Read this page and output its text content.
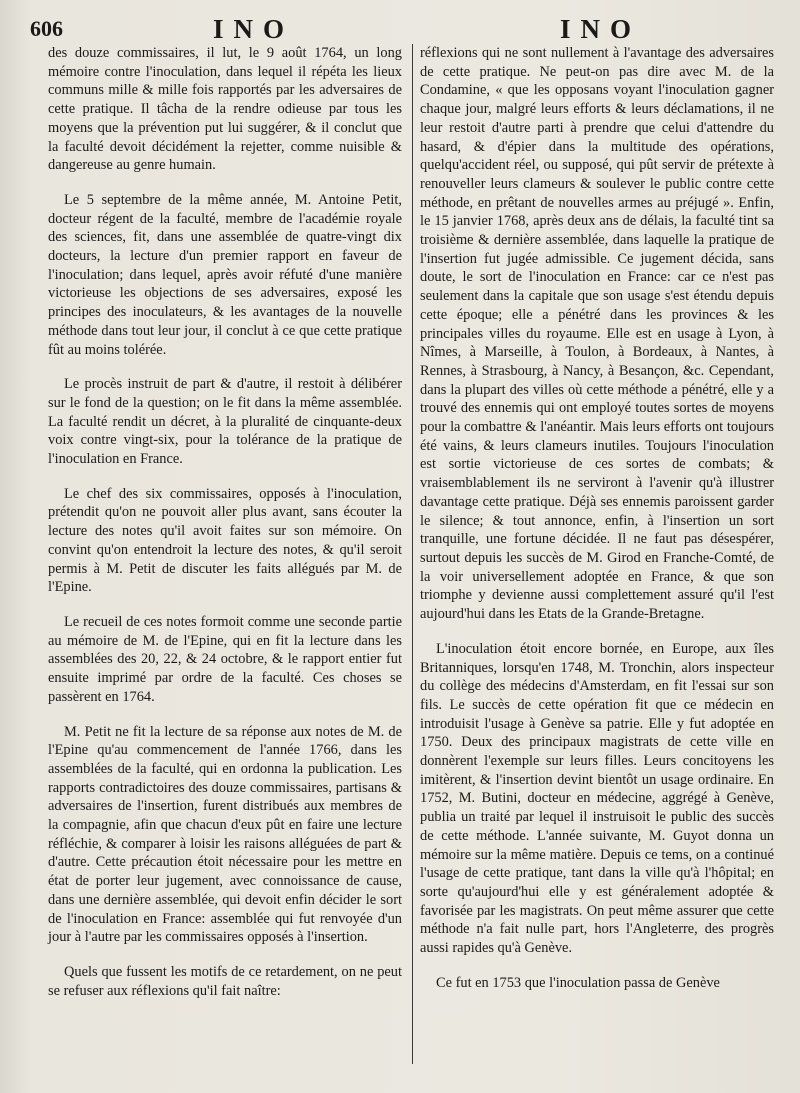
606	INO	INO

des douze commissaires, il lut, le 9 août 1764, un long mémoire contre l'inoculation, dans lequel il répéta les lieux communs mille & mille fois rapportés par les adversaires de cette pratique. Il tâcha de la rendre odieuse par tous les moyens que la prévention put lui suggérer, & il conclut que la faculté devoit décidément la rejetter, comme nuisible & dangereuse au genre humain.

Le 5 septembre de la même année, M. Antoine Petit, docteur régent de la faculté, membre de l'académie royale des sciences, fit, dans une assemblée de quatre-vingt dix docteurs, la lecture d'un premier rapport en faveur de l'inoculation; dans lequel, après avoir réfuté d'une manière victorieuse les objections de ses adversaires, exposé les principes des inoculateurs, & les avantages de la nouvelle méthode dans tout leur jour, il conclut à ce que cette pratique fût au moins tolérée.

Le procès instruit de part & d'autre, il restoit à délibérer sur le fond de la question; on le fit dans la même assemblée. La faculté rendit un décret, à la pluralité de cinquante-deux voix contre vingt-six, pour la tolérance de la pratique de l'inoculation en France.

Le chef des six commissaires, opposés à l'inoculation, prétendit qu'on ne pouvoit aller plus avant, sans écouter la lecture des notes qu'il avoit faites sur son mémoire. On convint qu'on entendroit la lecture des notes, & qu'il seroit permis à M. Petit de discuter les faits allégués par M. de l'Epine.

Le recueil de ces notes formoit comme une seconde partie au mémoire de M. de l'Epine, qui en fit la lecture dans les assemblées des 20, 22, & 24 octobre, & le rapport entier fut ensuite imprimé par ordre de la faculté. Ces choses se passèrent en 1764.

M. Petit ne fit la lecture de sa réponse aux notes de M. de l'Epine qu'au commencement de l'année 1766, dans les assemblées de la faculté, qui en ordonna la publication. Les rapports contradictoires des douze commissaires, partisans & adversaires de l'insertion, furent distribués aux membres de la compagnie, afin que chacun d'eux pût en faire une lecture réfléchie, & comparer à loisir les raisons alléguées de part & d'autre. Cette précaution étoit nécessaire pour les mettre en état de porter leur jugement, avec connoissance de cause, dans une dernière assemblée, qui devoit enfin décider le sort de l'inoculation en France: assemblée qui fut renvoyée d'un jour à l'autre par les commissaires opposés à l'insertion.

Quels que fussent les motifs de ce retardement, on ne peut se refuser aux réflexions qu'il fait naître:

réflexions qui ne sont nullement à l'avantage des adversaires de cette pratique. Ne peut-on pas dire avec M. de la Condamine, « que les opposans voyant l'inoculation gagner chaque jour, malgré leurs efforts & leurs déclamations, il ne leur restoit d'autre parti à prendre que celui d'attendre du hasard, & d'épier dans la multitude des opérations, quelqu'accident réel, ou supposé, qui pût servir de prétexte à renouveller leurs clameurs & soulever le public contre cette méthode, en prêtant de nouvelles armes au préjugé ». Enfin, le 15 janvier 1768, après deux ans de délais, la faculté tint sa troisième & dernière assemblée, dans laquelle la pratique de l'insertion fut jugée admissible. Ce jugement décida, sans doute, le sort de l'inoculation en France: car ce n'est pas seulement dans la capitale que son usage s'est étendu depuis cette époque; elle a pénétré dans les provinces & les principales villes du royaume. Elle est en usage à Lyon, à Nîmes, à Marseille, à Toulon, à Bordeaux, à Nantes, à Rennes, à Strasbourg, à Nancy, à Besançon, &c. Cependant, dans la plupart des villes où cette méthode a pénétré, elle y a trouvé des ennemis qui ont employé toutes sortes de moyens pour la combattre & l'anéantir. Mais leurs efforts ont toujours été vains, & leurs clameurs inutiles. Toujours l'inoculation est sortie victorieuse de ces sortes de combats; & vraisemblablement ils ne serviront à l'avenir qu'à illustrer davantage cette pratique. Déjà ses ennemis paroissent garder le silence; & tout annonce, enfin, à l'insertion un sort tranquille, une fortune décidée. Il ne faut pas désespérer, surtout depuis les succès de M. Girod en Franche-Comté, de la voir universellement adoptée en France, & que son triomphe y devienne aussi complettement assuré qu'il l'est aujourd'hui dans les Etats de la Grande-Bretagne.

L'inoculation étoit encore bornée, en Europe, aux îles Britanniques, lorsqu'en 1748, M. Tronchin, alors inspecteur du collège des médecins d'Amsterdam, en fit l'essai sur son fils. Le succès de cette opération fit que ce médecin en introduisit l'usage à Genève sa patrie. Elle y fut adoptée en 1750. Deux des principaux magistrats de cette ville en donnèrent l'exemple sur leurs filles. Leurs concitoyens les imitèrent, & l'insertion devint bientôt un usage ordinaire. En 1752, M. Butini, docteur en médecine, aggrégé à Genève, publia un traité par lequel il instruisoit le public des succès de cette méthode. L'année suivante, M. Guyot donna un mémoire sur la même matière. Depuis ce tems, on a continué l'usage de cette pratique, tant dans la ville qu'à l'hôpital; en sorte qu'aujourd'hui elle y est généralement adoptée & favorisée par les magistrats. On peut même assurer que cette méthode n'a fait nulle part, hors l'Angleterre, des progrès aussi rapides qu'à Genève.

Ce fut en 1753 que l'inoculation passa de Genève
